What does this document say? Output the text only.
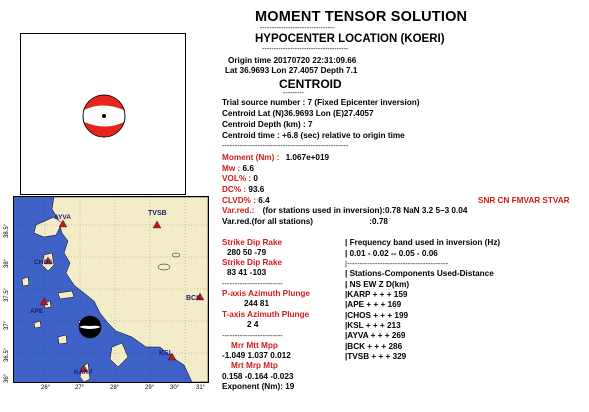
MOMENT TENSOR SOLUTION
--------------------------------
HYPOCENTER LOCATION (KOERI)
-------------------------------------
Origin time 20170720 22:31:09.66
Lat 36.9693 Lon 27.4057 Depth 7.1
CENTROID
---------
Trial source number : 7 (Fixed Epicenter inversion)
Centroid Lat (N)36.9693 Lon (E)27.4057
Centroid Depth (km) : 7
Centroid time : +6.8 (sec) relative to origin time
--------------------------------------------------
Moment (Nm) : 1.067e+019
Mw : 6.6
VOL% : 0
DC% : 93.6
CLVD% : 6.4	SNR CN FMVAR STVAR
Var.red.: (for stations used in inversion):0.78 NaN 3.2 5–3 0.04
Var.red.(for all stations)	:0.78
Strike Dip Rake
280 50 -79
Strike Dip Rake
83 41 -103
------------------------
P-axis Azimuth Plunge
244 81
T-axis Azimuth Plunge
2 4
------------------------
Mrr Mtt Mpp
-1.049 1.037 0.012
Mrt Mrp Mtp
0.158 -0.164 -0.023
Exponent (Nm): 19
| Frequency band used in inversion (Hz)
| 0.01 - 0.02 -- 0.05 - 0.06
|----------------------------------------
| Stations-Components Used-Distance
| NS EW Z D(km)
|KARP + + + 159
|APE + + + 169
|CHOS + + + 199
|KSL + + + 213
|AYVA + + + 269
|BCK + + + 286
|TVSB + + + 329
TVSB
AYVA
CHOS
APE
BCK
KSL
KARP
26°	27°	28°	29°	30°	31°
38.5°
38°
37.5°
37°
36.5°
36°
